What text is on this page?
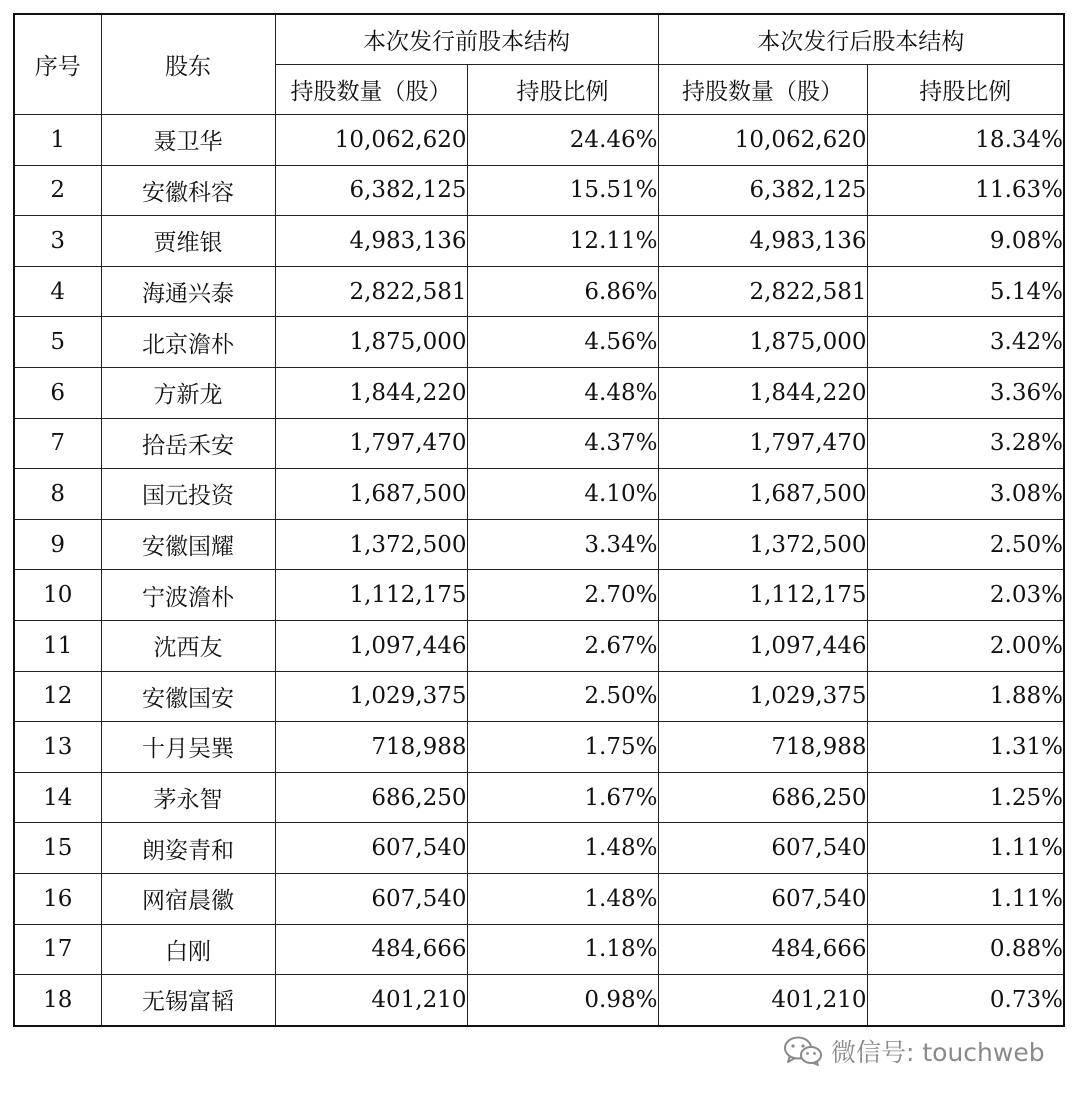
序号	股东	本次发行前股本结构		本次发行后股本结构	
		持股数量（股）	持股比例	持股数量（股）	持股比例
1	聂卫华	10,062,620	24.46%	10,062,620	18.34%
2	安徽科容	6,382,125	15.51%	6,382,125	11.63%
3	贾维银	4,983,136	12.11%	4,983,136	9.08%
4	海通兴泰	2,822,581	6.86%	2,822,581	5.14%
5	北京澹朴	1,875,000	4.56%	1,875,000	3.42%
6	方新龙	1,844,220	4.48%	1,844,220	3.36%
7	拾岳禾安	1,797,470	4.37%	1,797,470	3.28%
8	国元投资	1,687,500	4.10%	1,687,500	3.08%
9	安徽国耀	1,372,500	3.34%	1,372,500	2.50%
10	宁波澹朴	1,112,175	2.70%	1,112,175	2.03%
11	沈西友	1,097,446	2.67%	1,097,446	2.00%
12	安徽国安	1,029,375	2.50%	1,029,375	1.88%
13	十月吴巽	718,988	1.75%	718,988	1.31%
14	茅永智	686,250	1.67%	686,250	1.25%
15	朗姿青和	607,540	1.48%	607,540	1.11%
16	网宿晨徽	607,540	1.48%	607,540	1.11%
17	白刚	484,666	1.18%	484,666	0.88%
18	无锡富韬	401,210	0.98%	401,210	0.73%
微信号: touchweb
